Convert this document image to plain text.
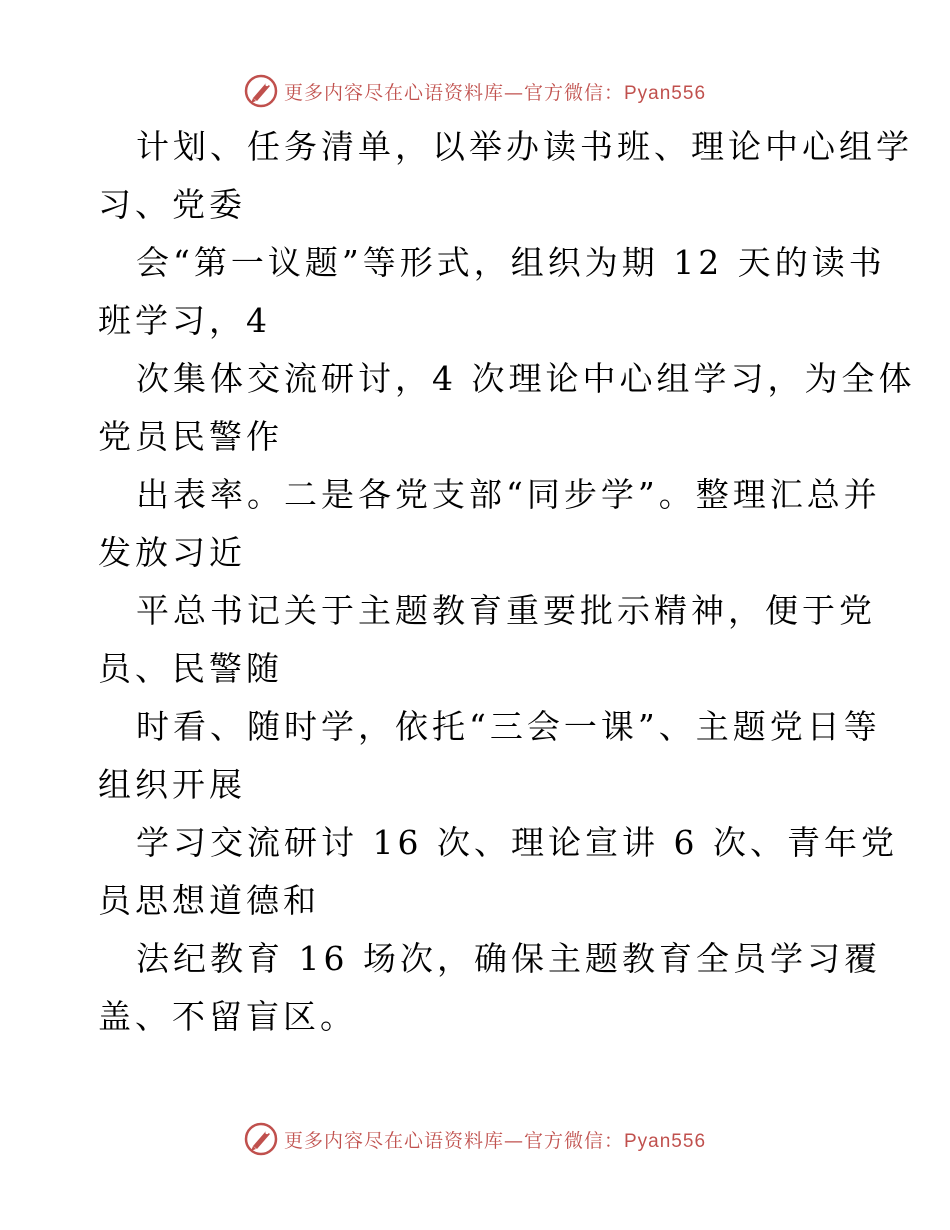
更多内容尽在心语资料库—官方微信：Pyan556
计划、任务清单，以举办读书班、理论中心组学
习、党委
会“第一议题”等形式，组织为期 12 天的读书
班学习，4
次集体交流研讨，4 次理论中心组学习，为全体
党员民警作
出表率。二是各党支部“同步学”。整理汇总并
发放习近
平总书记关于主题教育重要批示精神，便于党
员、民警随
时看、随时学，依托“三会一课”、主题党日等
组织开展
学习交流研讨 16 次、理论宣讲 6 次、青年党
员思想道德和
法纪教育 16 场次，确保主题教育全员学习覆
盖、不留盲区。
更多内容尽在心语资料库—官方微信：Pyan556
